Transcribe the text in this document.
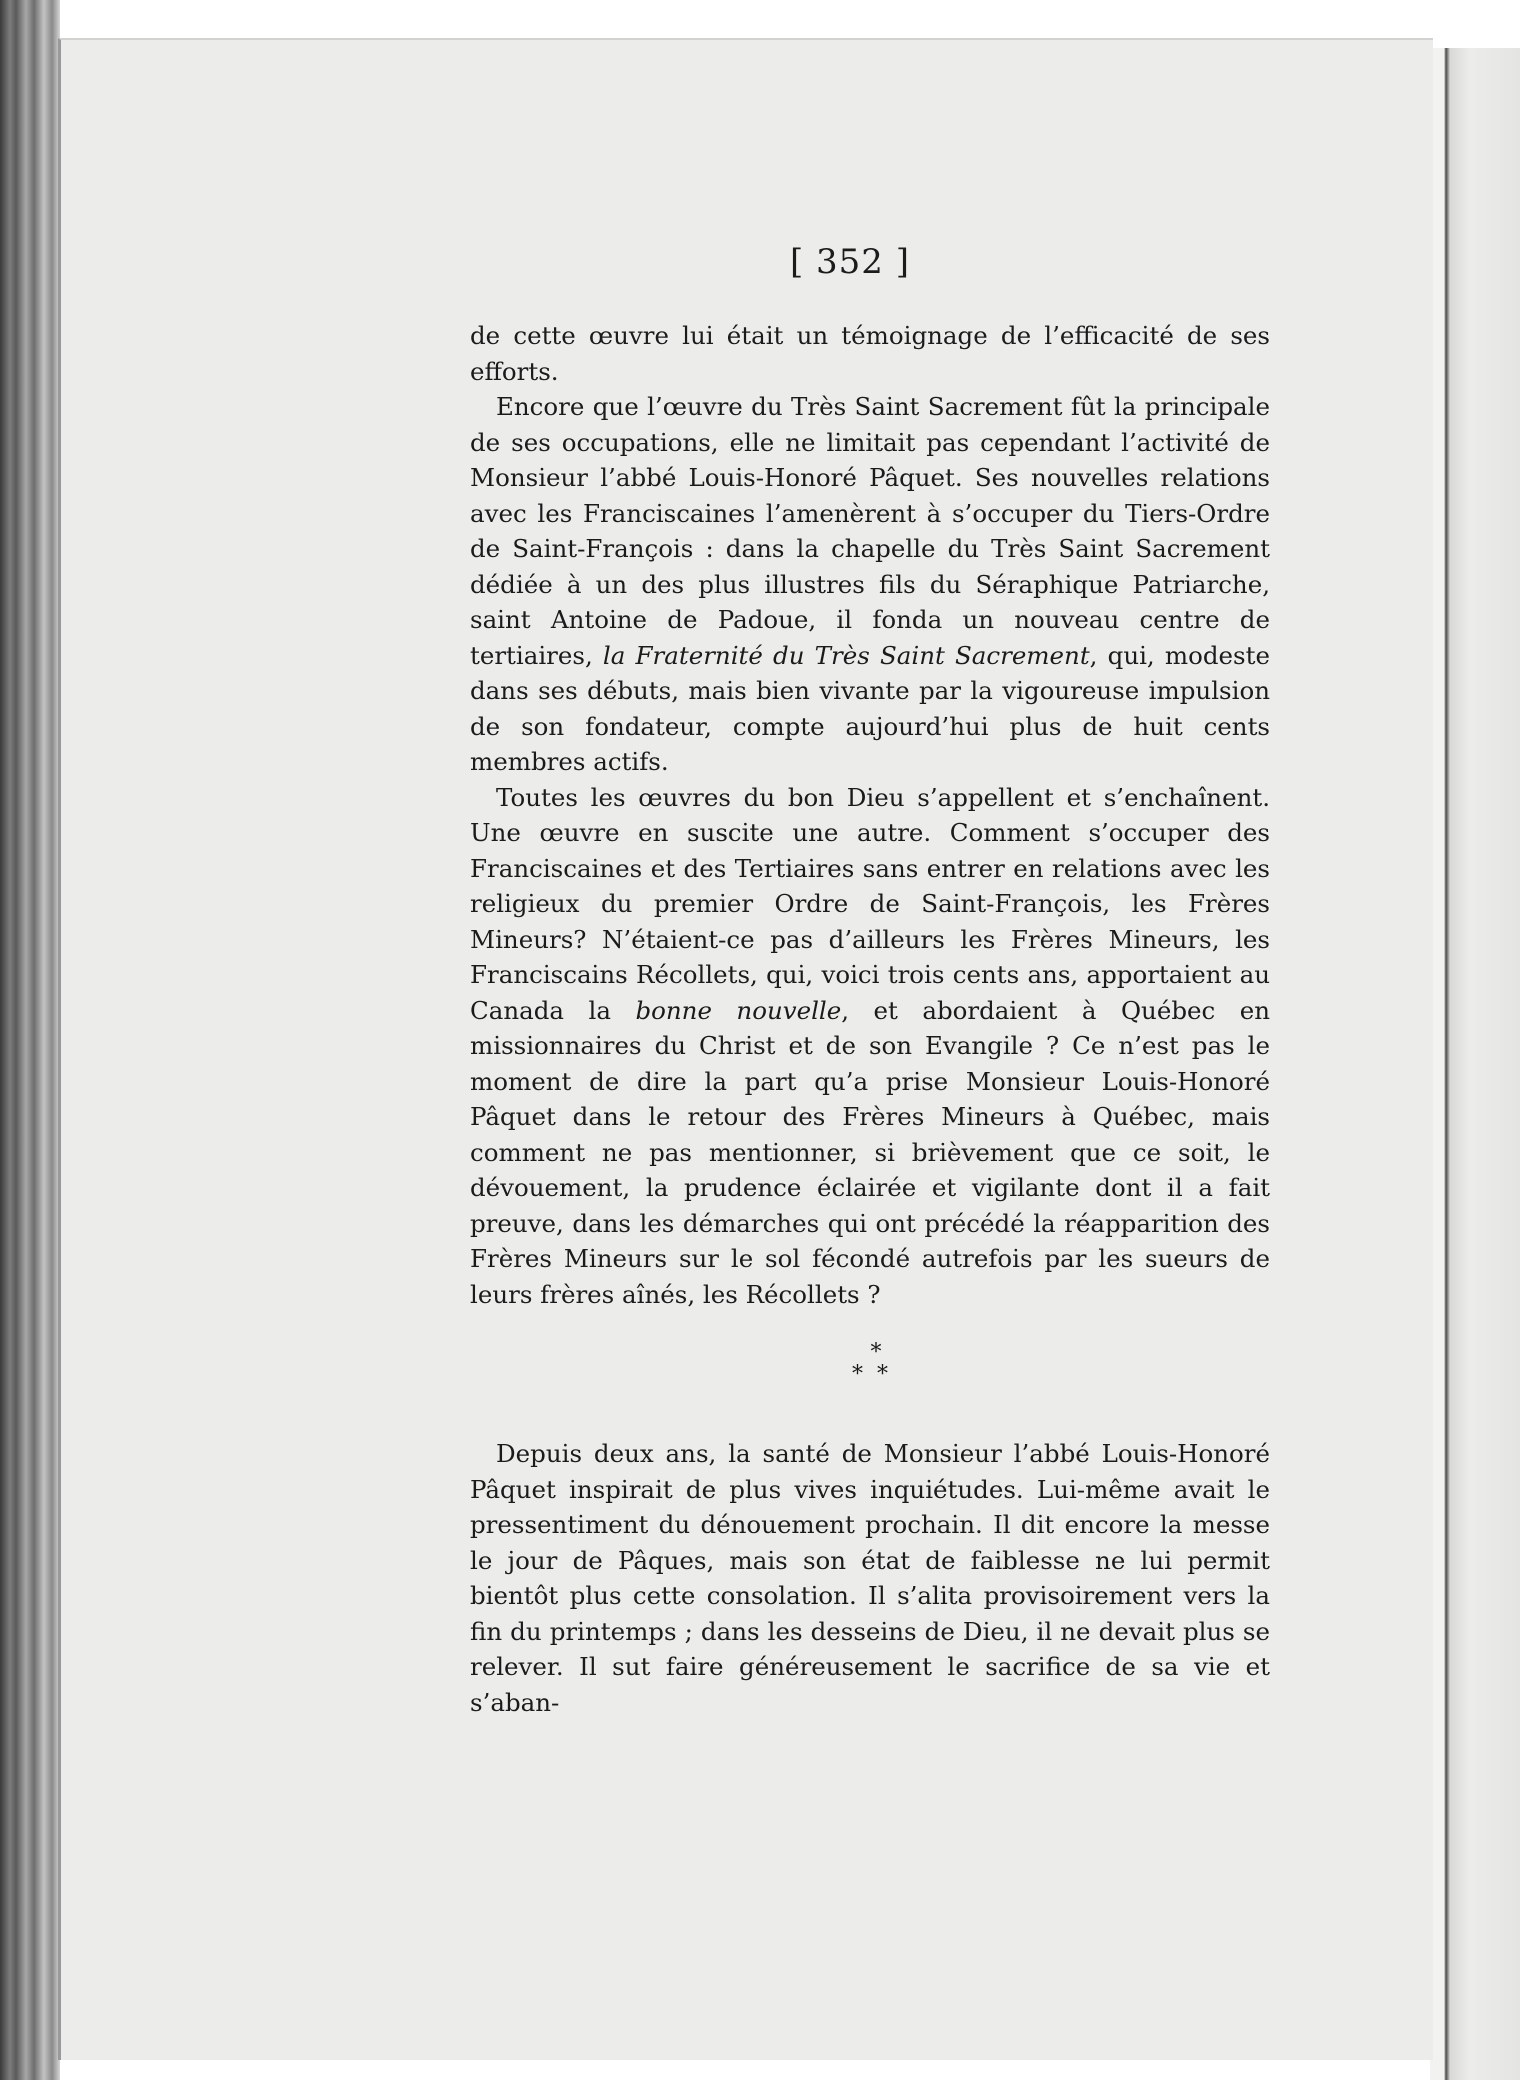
[ 352 ]

de cette œuvre lui était un témoignage de l’efficacité de ses efforts.

Encore que l’œuvre du Très Saint Sacrement fût la principale de ses occupations, elle ne limitait pas cependant l’activité de Monsieur l’abbé Louis-Honoré Pâquet. Ses nouvelles relations avec les Franciscaines l’amenèrent à s’occuper du Tiers-Ordre de Saint-François : dans la chapelle du Très Saint Sacrement dédiée à un des plus illustres fils du Séraphique Patriarche, saint Antoine de Padoue, il fonda un nouveau centre de tertiaires, la Fraternité du Très Saint Sacrement, qui, modeste dans ses débuts, mais bien vivante par la vigoureuse impulsion de son fondateur, compte aujourd’hui plus de huit cents membres actifs.

Toutes les œuvres du bon Dieu s’appellent et s’enchaînent. Une œuvre en suscite une autre. Comment s’occuper des Franciscaines et des Tertiaires sans entrer en relations avec les religieux du premier Ordre de Saint-François, les Frères Mineurs? N’étaient-ce pas d’ailleurs les Frères Mineurs, les Franciscains Récollets, qui, voici trois cents ans, apportaient au Canada la bonne nouvelle, et abordaient à Québec en missionnaires du Christ et de son Evangile ? Ce n’est pas le moment de dire la part qu’a prise Monsieur Louis-Honoré Pâquet dans le retour des Frères Mineurs à Québec, mais comment ne pas mentionner, si brièvement que ce soit, le dévouement, la prudence éclairée et vigilante dont il a fait preuve, dans les démarches qui ont précédé la réapparition des Frères Mineurs sur le sol fécondé autrefois par les sueurs de leurs frères aînés, les Récollets ?

*
**

Depuis deux ans, la santé de Monsieur l’abbé Louis-Honoré Pâquet inspirait de plus vives inquiétudes. Lui-même avait le pressentiment du dénouement prochain. Il dit encore la messe le jour de Pâques, mais son état de faiblesse ne lui permit bientôt plus cette consolation. Il s’alita provisoirement vers la fin du printemps ; dans les desseins de Dieu, il ne devait plus se relever. Il sut faire généreusement le sacrifice de sa vie et s’aban-
